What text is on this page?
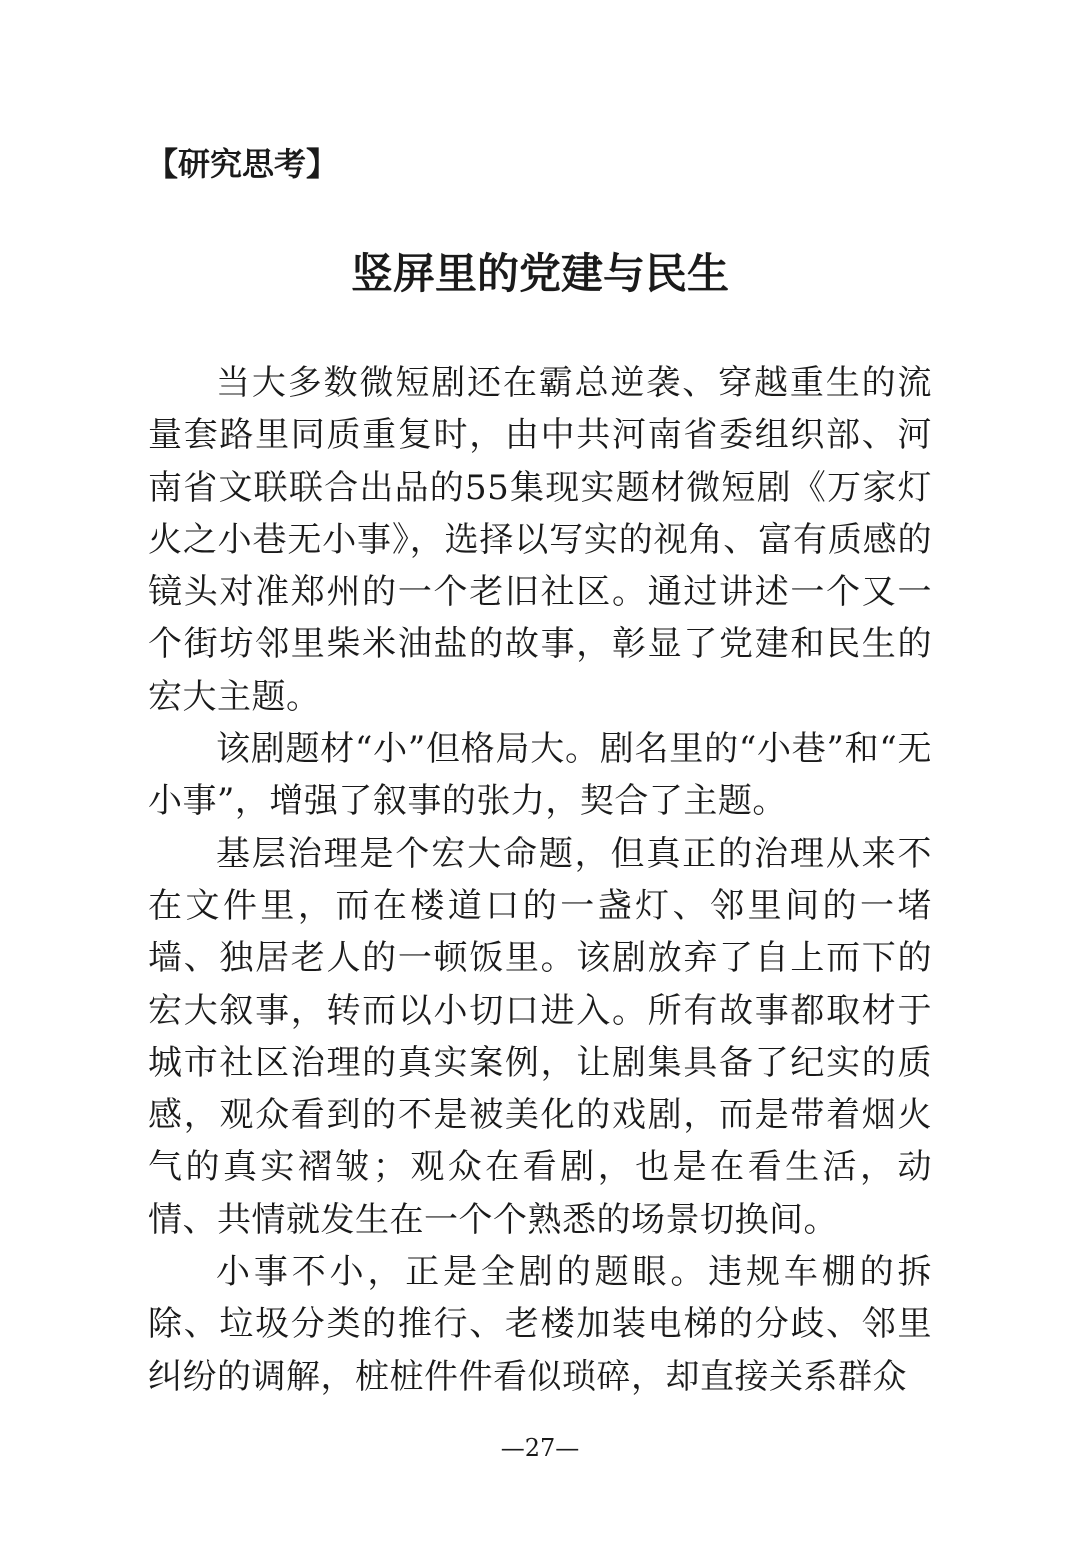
【研究思考】
竖屏里的党建与民生

当大多数微短剧还在霸总逆袭、穿越重生的流量套路里同质重复时，由中共河南省委组织部、河南省文联联合出品的55集现实题材微短剧《万家灯火之小巷无小事》，选择以写实的视角、富有质感的镜头对准郑州的一个老旧社区。通过讲述一个又一个街坊邻里柴米油盐的故事，彰显了党建和民生的宏大主题。

该剧题材“小”但格局大。剧名里的“小巷”和“无小事”，增强了叙事的张力，契合了主题。

基层治理是个宏大命题，但真正的治理从来不在文件里，而在楼道口的一盏灯、邻里间的一堵墙、独居老人的一顿饭里。该剧放弃了自上而下的宏大叙事，转而以小切口进入。所有故事都取材于城市社区治理的真实案例，让剧集具备了纪实的质感，观众看到的不是被美化的戏剧，而是带着烟火气的真实褶皱；观众在看剧，也是在看生活，动情、共情就发生在一个个熟悉的场景切换间。

小事不小，正是全剧的题眼。违规车棚的拆除、垃圾分类的推行、老楼加装电梯的分歧、邻里纠纷的调解，桩桩件件看似琐碎，却直接关系群众

—27—
